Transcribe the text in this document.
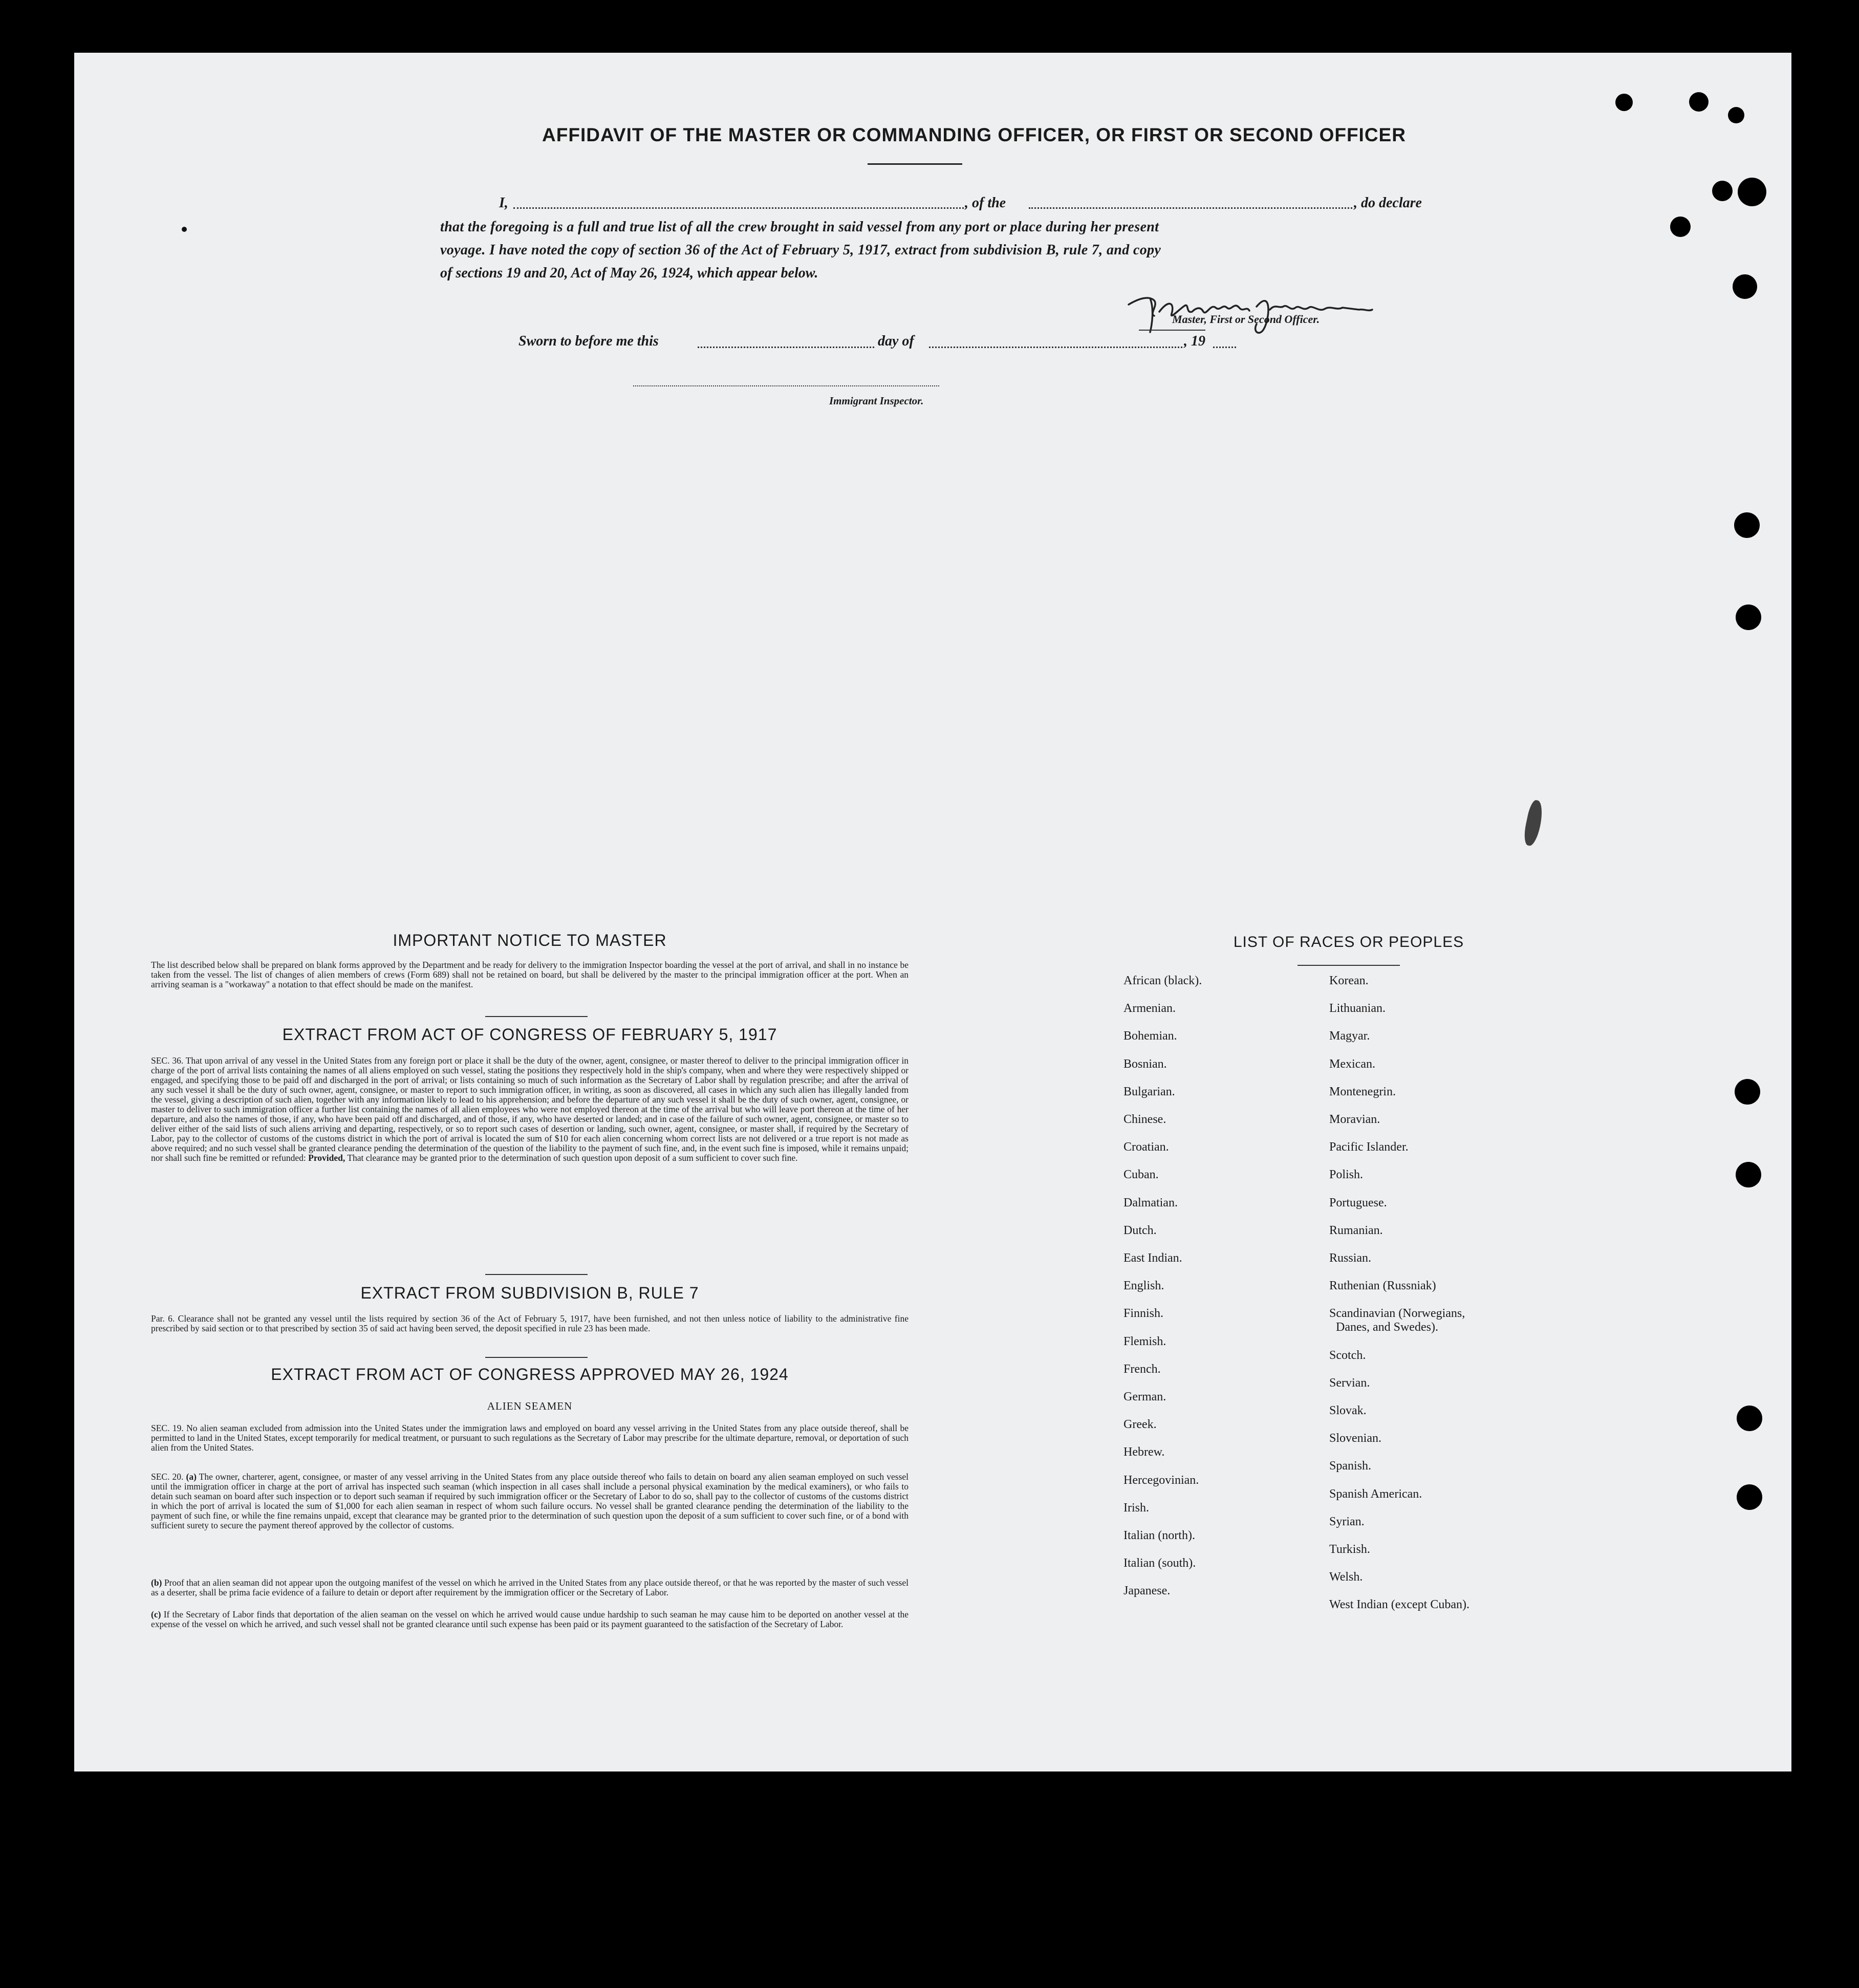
AFFIDAVIT OF THE MASTER OR COMMANDING OFFICER, OR FIRST OR SECOND OFFICER
I,	, of the	, do declare
that the foregoing is a full and true list of all the crew brought in said vessel from any port or place during her present
voyage. I have noted the copy of section 36 of the Act of February 5, 1917, extract from subdivision B, rule 7, and copy
of sections 19 and 20, Act of May 26, 1924, which appear below.
Master, First or Second Officer.
Sworn to before me this	day of	, 19
Immigrant Inspector.
IMPORTANT NOTICE TO MASTER

The list described below shall be prepared on blank forms approved by the Department and be ready for delivery to the immigration Inspector boarding the vessel at the port of arrival, and shall in no instance be taken from the vessel. The list of changes of alien members of crews (Form 689) shall not be retained on board, but shall be delivered by the master to the principal immigration officer at the port. When an arriving seaman is a "workaway" a notation to that effect should be made on the manifest.

EXTRACT FROM ACT OF CONGRESS OF FEBRUARY 5, 1917

SEC. 36. That upon arrival of any vessel in the United States from any foreign port or place it shall be the duty of the owner, agent, consignee, or master thereof to deliver to the principal immigration officer in charge of the port of arrival lists containing the names of all aliens employed on such vessel, stating the positions they respectively hold in the ship's company, when and where they were respectively shipped or engaged, and specifying those to be paid off and discharged in the port of arrival; or lists containing so much of such information as the Secretary of Labor shall by regulation prescribe; and after the arrival of any such vessel it shall be the duty of such owner, agent, consignee, or master to report to such immigration officer, in writing, as soon as discovered, all cases in which any such alien has illegally landed from the vessel, giving a description of such alien, together with any information likely to lead to his apprehension; and before the departure of any such vessel it shall be the duty of such owner, agent, consignee, or master to deliver to such immigration officer a further list containing the names of all alien employees who were not employed thereon at the time of the arrival but who will leave port thereon at the time of her departure, and also the names of those, if any, who have been paid off and discharged, and of those, if any, who have deserted or landed; and in case of the failure of such owner, agent, consignee, or master so to deliver either of the said lists of such aliens arriving and departing, respectively, or so to report such cases of desertion or landing, such owner, agent, consignee, or master shall, if required by the Secretary of Labor, pay to the collector of customs of the customs district in which the port of arrival is located the sum of $10 for each alien concerning whom correct lists are not delivered or a true report is not made as above required; and no such vessel shall be granted clearance pending the determination of the question of the liability to the payment of such fine, and, in the event such fine is imposed, while it remains unpaid; nor shall such fine be remitted or refunded: Provided, That clearance may be granted prior to the determination of such question upon deposit of a sum sufficient to cover such fine.

EXTRACT FROM SUBDIVISION B, RULE 7

Par. 6. Clearance shall not be granted any vessel until the lists required by section 36 of the Act of February 5, 1917, have been furnished, and not then unless notice of liability to the administrative fine prescribed by said section or to that prescribed by section 35 of said act having been served, the deposit specified in rule 23 has been made.

EXTRACT FROM ACT OF CONGRESS APPROVED MAY 26, 1924
ALIEN SEAMEN

SEC. 19. No alien seaman excluded from admission into the United States under the immigration laws and employed on board any vessel arriving in the United States from any place outside thereof, shall be permitted to land in the United States, except temporarily for medical treatment, or pursuant to such regulations as the Secretary of Labor may prescribe for the ultimate departure, removal, or deportation of such alien from the United States.

SEC. 20. (a) The owner, charterer, agent, consignee, or master of any vessel arriving in the United States from any place outside thereof who fails to detain on board any alien seaman employed on such vessel until the immigration officer in charge at the port of arrival has inspected such seaman (which inspection in all cases shall include a personal physical examination by the medical examiners), or who fails to detain such seaman on board after such inspection or to deport such seaman if required by such immigration officer or the Secretary of Labor to do so, shall pay to the collector of customs of the customs district in which the port of arrival is located the sum of $1,000 for each alien seaman in respect of whom such failure occurs. No vessel shall be granted clearance pending the determination of the liability to the payment of such fine, or while the fine remains unpaid, except that clearance may be granted prior to the determination of such question upon the deposit of a sum sufficient to cover such fine, or of a bond with sufficient surety to secure the payment thereof approved by the collector of customs.

(b) Proof that an alien seaman did not appear upon the outgoing manifest of the vessel on which he arrived in the United States from any place outside thereof, or that he was reported by the master of such vessel as a deserter, shall be prima facie evidence of a failure to detain or deport after requirement by the immigration officer or the Secretary of Labor.

(c) If the Secretary of Labor finds that deportation of the alien seaman on the vessel on which he arrived would cause undue hardship to such seaman he may cause him to be deported on another vessel at the expense of the vessel on which he arrived, and such vessel shall not be granted clearance until such expense has been paid or its payment guaranteed to the satisfaction of the Secretary of Labor.

LIST OF RACES OR PEOPLES
African (black).
Armenian.
Bohemian.
Bosnian.
Bulgarian.
Chinese.
Croatian.
Cuban.
Dalmatian.
Dutch.
East Indian.
English.
Finnish.
Flemish.
French.
German.
Greek.
Hebrew.
Hercegovinian.
Irish.
Italian (north).
Italian (south).
Japanese.
Korean.
Lithuanian.
Magyar.
Mexican.
Montenegrin.
Moravian.
Pacific Islander.
Polish.
Portuguese.
Rumanian.
Russian.
Ruthenian (Russniak)
Scandinavian (Norwegians,
Danes, and Swedes).
Scotch.
Servian.
Slovak.
Slovenian.
Spanish.
Spanish American.
Syrian.
Turkish.
Welsh.
West Indian (except Cuban).
